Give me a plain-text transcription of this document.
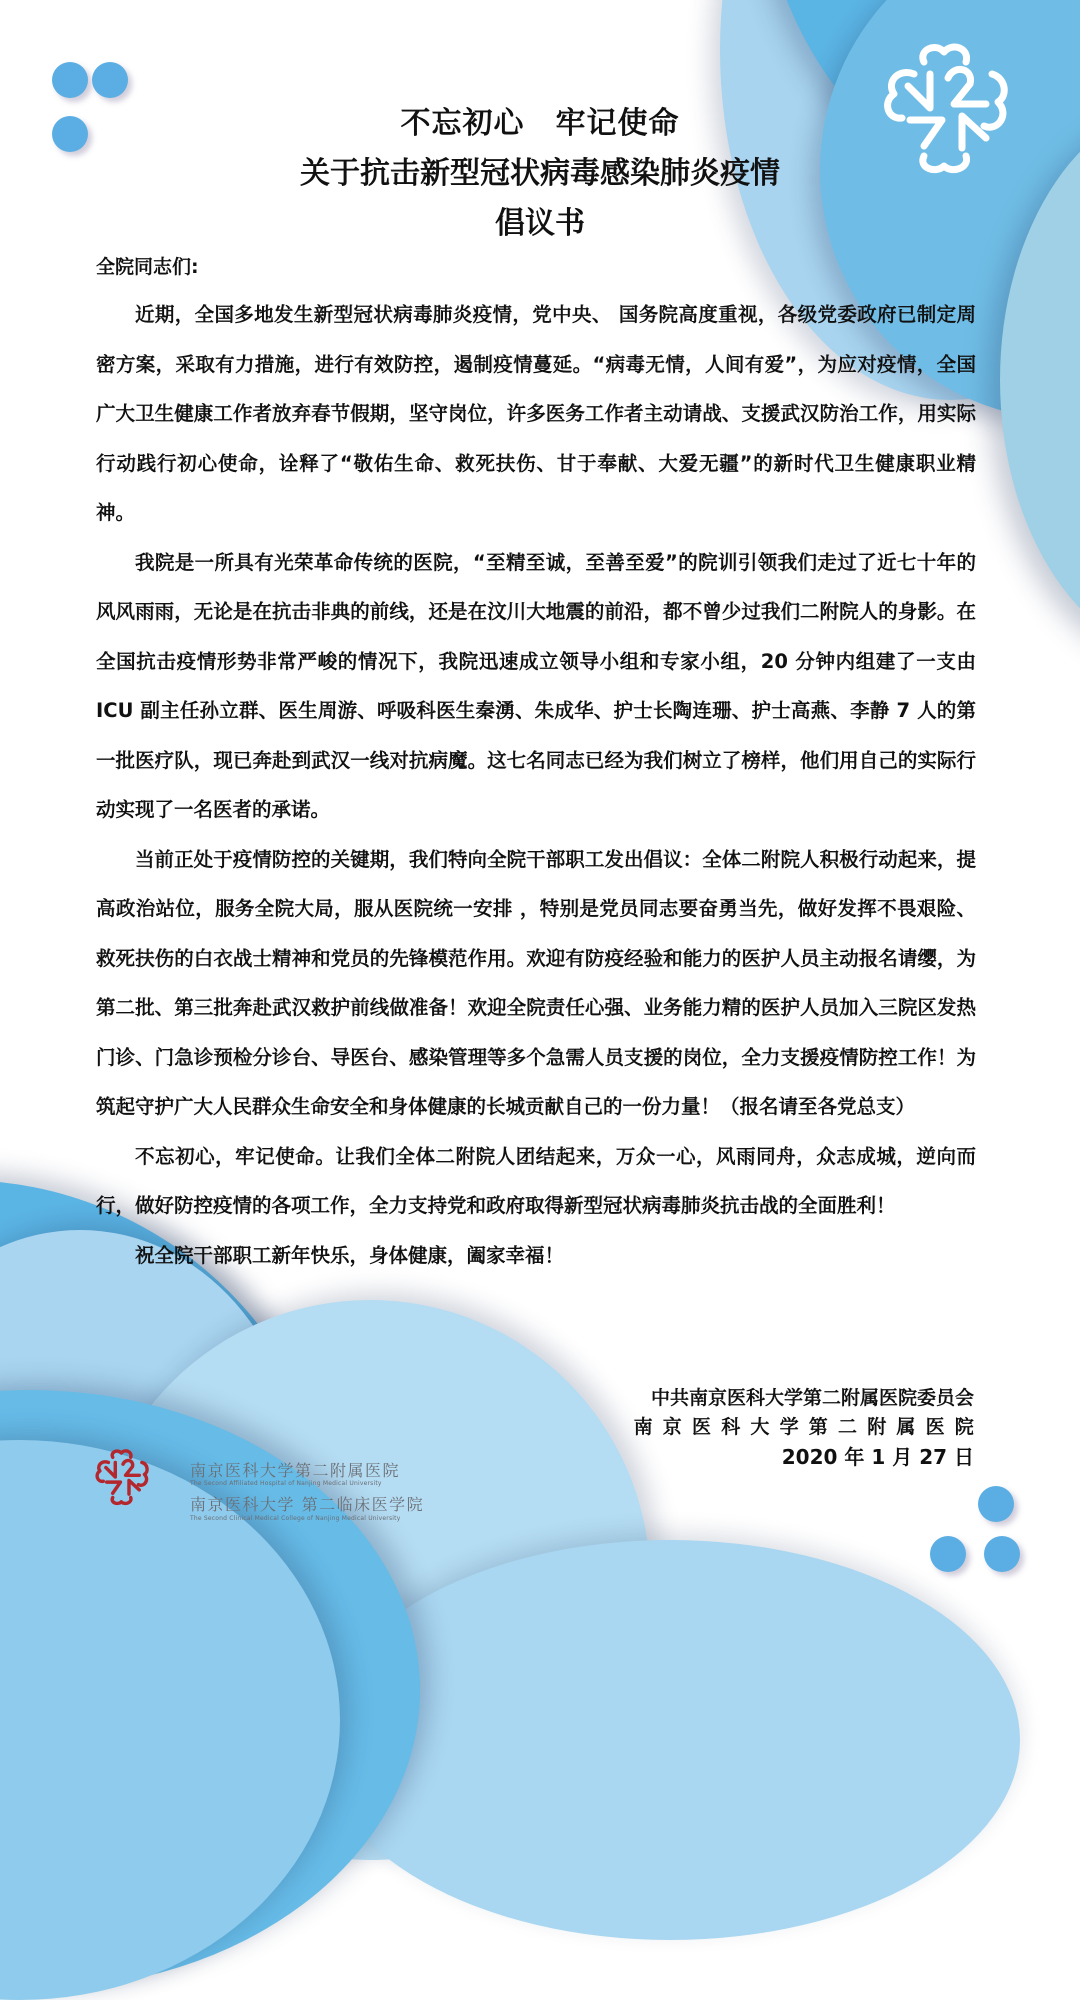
不忘初心　牢记使命
关于抗击新型冠状病毒感染肺炎疫情
倡议书
全院同志们:

近期，全国多地发生新型冠状病毒肺炎疫情，党中央、 国务院高度重视，各级党委政府已制定周密方案，采取有力措施，进行有效防控，遏制疫情蔓延。“病毒无情，人间有爱”，为应对疫情，全国广大卫生健康工作者放弃春节假期，坚守岗位，许多医务工作者主动请战、支援武汉防治工作，用实际行动践行初心使命，诠释了“敬佑生命、救死扶伤、甘于奉献、大爱无疆”的新时代卫生健康职业精神。

我院是一所具有光荣革命传统的医院，“至精至诚，至善至爱”的院训引领我们走过了近七十年的风风雨雨，无论是在抗击非典的前线，还是在汶川大地震的前沿，都不曾少过我们二附院人的身影。在全国抗击疫情形势非常严峻的情况下，我院迅速成立领导小组和专家小组，20 分钟内组建了一支由 ICU 副主任孙立群、医生周游、呼吸科医生秦湧、朱成华、护士长陶连珊、护士高燕、李静 7 人的第一批医疗队，现已奔赴到武汉一线对抗病魔。这七名同志已经为我们树立了榜样，他们用自己的实际行动实现了一名医者的承诺。

当前正处于疫情防控的关键期，我们特向全院干部职工发出倡议：全体二附院人积极行动起来，提高政治站位，服务全院大局，服从医院统一安排 ，特别是党员同志要奋勇当先，做好发挥不畏艰险、救死扶伤的白衣战士精神和党员的先锋模范作用。欢迎有防疫经验和能力的医护人员主动报名请缨，为第二批、第三批奔赴武汉救护前线做准备！欢迎全院责任心强、业务能力精的医护人员加入三院区发热门诊、门急诊预检分诊台、导医台、感染管理等多个急需人员支援的岗位，全力支援疫情防控工作！为筑起守护广大人民群众生命安全和身体健康的长城贡献自己的一份力量！（报名请至各党总支）

不忘初心，牢记使命。让我们全体二附院人团结起来，万众一心，风雨同舟，众志成城，逆向而行，做好防控疫情的各项工作，全力支持党和政府取得新型冠状病毒肺炎抗击战的全面胜利！

祝全院干部职工新年快乐，身体健康，阖家幸福！

中共南京医科大学第二附属医院委员会
南京医科大学第二附属医院
2020 年 1 月 27 日
南京医科大学第二附属医院
The Second Affiliated Hospital of Nanjing Medical University
南京医科大学 第二临床医学院
The Second Clinical Medical College of Nanjing Medical University
